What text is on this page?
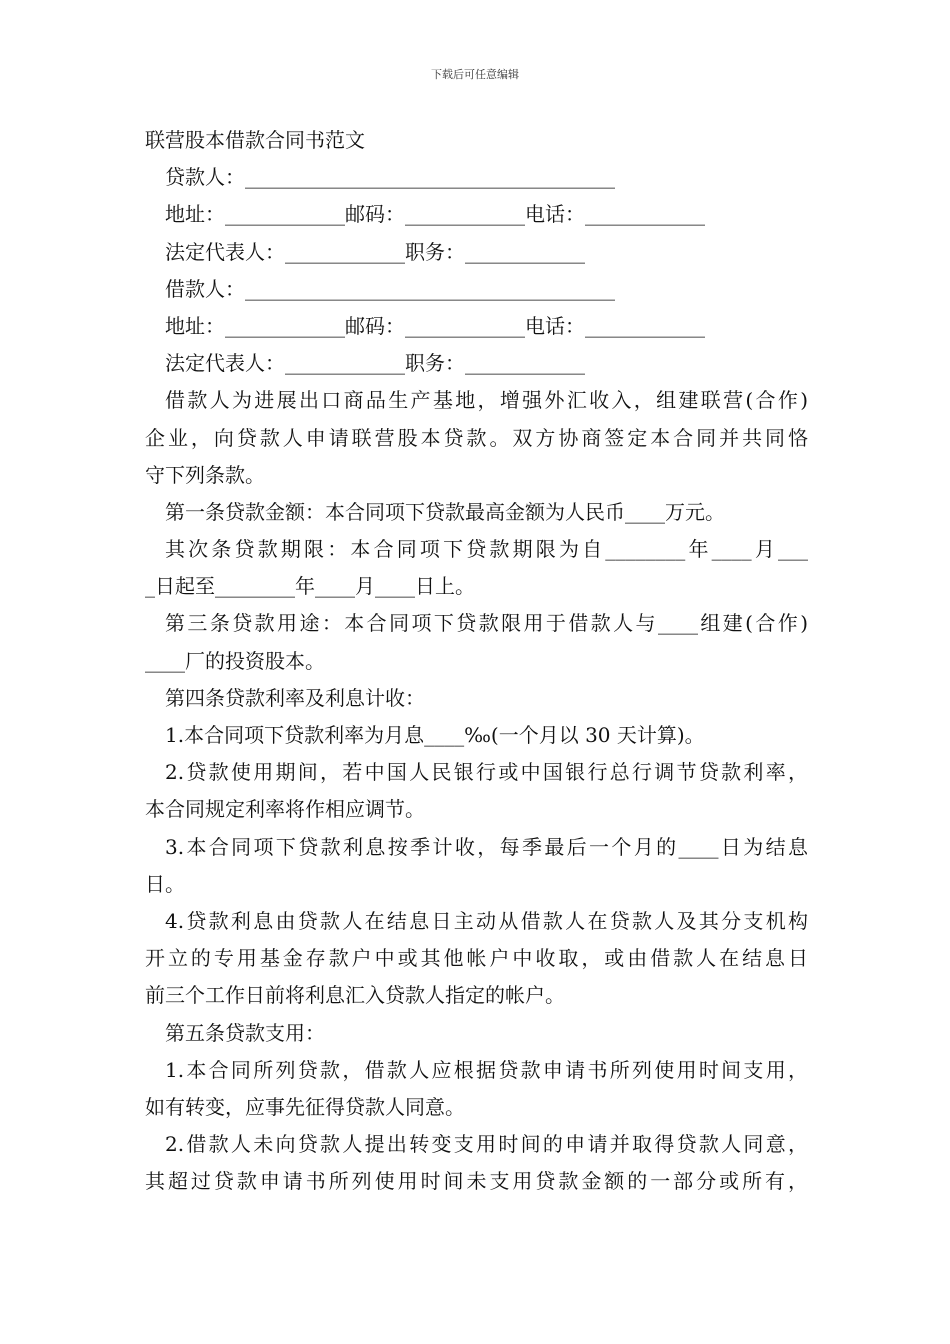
下载后可任意编辑
联营股本借款合同书范文
贷款人：_____________________________________
地址：____________邮码：____________电话：____________
法定代表人：____________职务：____________
借款人：_____________________________________
地址：____________邮码：____________电话：____________
法定代表人：____________职务：____________
借款人为进展出口商品生产基地，增强外汇收入，组建联营(合作)
企业，向贷款人申请联营股本贷款。双方协商签定本合同并共同恪
守下列条款。
第一条贷款金额：本合同项下贷款最高金额为人民币____万元。
其次条贷款期限：本合同项下贷款期限为自________年____月___
_日起至________年____月____日上。
第三条贷款用途：本合同项下贷款限用于借款人与____组建(合作)
____厂的投资股本。
第四条贷款利率及利息计收：
1.本合同项下贷款利率为月息____‰(一个月以 30 天计算)。
2.贷款使用期间，若中国人民银行或中国银行总行调节贷款利率，
本合同规定利率将作相应调节。
3.本合同项下贷款利息按季计收，每季最后一个月的____日为结息
日。
4.贷款利息由贷款人在结息日主动从借款人在贷款人及其分支机构
开立的专用基金存款户中或其他帐户中收取，或由借款人在结息日
前三个工作日前将利息汇入贷款人指定的帐户。
第五条贷款支用：
1.本合同所列贷款，借款人应根据贷款申请书所列使用时间支用，
如有转变，应事先征得贷款人同意。
2.借款人未向贷款人提出转变支用时间的申请并取得贷款人同意，
其超过贷款申请书所列使用时间未支用贷款金额的一部分或所有，
